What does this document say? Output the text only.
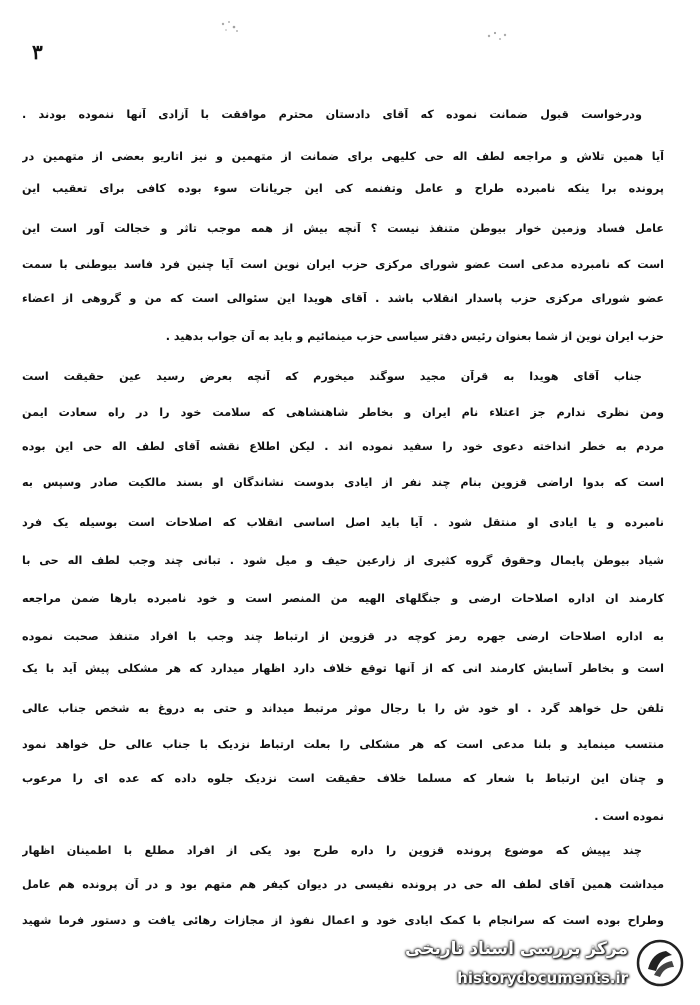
٣
ودرخواست قبول ضمانت نموده که آقای دادستان محترم موافقت با آزادی آنها ننموده بودند .
آیا همین تلاش و مراجعه لطف اله حی کلیهی برای ضمانت از متهمین و نیز اتاریو بعضی از متهمین در
پرونده برا ینکه نامبرده طراح و عامل وتفنمه کی این جریانات سوء بوده کافی برای تعقیب این
عامل فساد وزمین خوار بیوطن متنفذ نیست ؟ آنچه بیش از همه موجب تاثر و خجالت آور است این
است که نامبرده مدعی است عضو شورای مرکزی حزب ایران نوین است آیا چنین فرد فاسد بیوطنی با سمت
عضو شورای مرکزی حزب پاسدار انقلاب باشد . آقای هویدا این سئوالی است که من و گروهی از اعضاء
حزب ایران نوین از شما بعنوان رئیس دفتر سیاسی حزب مینمائیم و باید به آن جواب بدهید .
جناب آقای هویدا به قرآن مجید سوگند میخورم که آنچه بعرض رسید عین حقیقت است
ومن نظری ندارم جز اعتلاء نام ایران و بخاطر شاهنشاهی که سلامت خود را در راه سعادت ایمن
مردم به خطر انداخته دعوی خود را سفید نموده اند . لیکن اطلاع نقشه آقای لطف اله حی این بوده
است که بدوا اراضی قزوین بنام چند نفر از ایادی بدوست نشاندگان او بسند مالکیت صادر وسپس به
نامبرده و یا ایادی او منتقل شود . آیا باید اصل اساسی انقلاب که اصلاحات است بوسیله یک فرد
شیاد بیوطن پایمال وحقوق گروه کثیری از زارعین حیف و میل شود . تبانی چند وجب لطف اله حی با
کارمند ان اداره اصلاحات ارضی و جنگلهای الهیه من المنصر است و خود نامبرده بارها ضمن مراجعه
به اداره اصلاحات ارضی جهره رمز کوچه در قزوین از ارتباط چند وجب با افراد متنفذ صحبت نموده
است و بخاطر آسایش کارمند انی که از آنها توقع خلاف دارد اظهار میدارد که هر مشکلی پیش آید با یک
تلفن حل خواهد گرد . او خود ش را با رجال موثر مرتبط میداند و حتی به دروغ به شخص جناب عالی
منتسب مینماید و بلنا مدعی است که هر مشکلی را بعلت ارتباط نزدیک با جناب عالی حل خواهد نمود
و چنان این ارتباط با شعار که مسلما خلاف حقیقت است نزدیک جلوه داده که عده ای را مرعوب
نموده است .
چند یپیش که موضوع پرونده قزوین را داره طرح بود یکی از افراد مطلع با اطمینان اظهار
میداشت همین آقای لطف اله حی در پرونده نفیسی در دیوان کیفر هم متهم بود و در آن پرونده هم عامل
وطراح بوده است که سرانجام با کمک ایادی خود و اعمال نفوذ از مجازات رهائی یافت و دستور فرما شهید
مرکز بررسی اسناد تاریخی
historydocuments.ir
